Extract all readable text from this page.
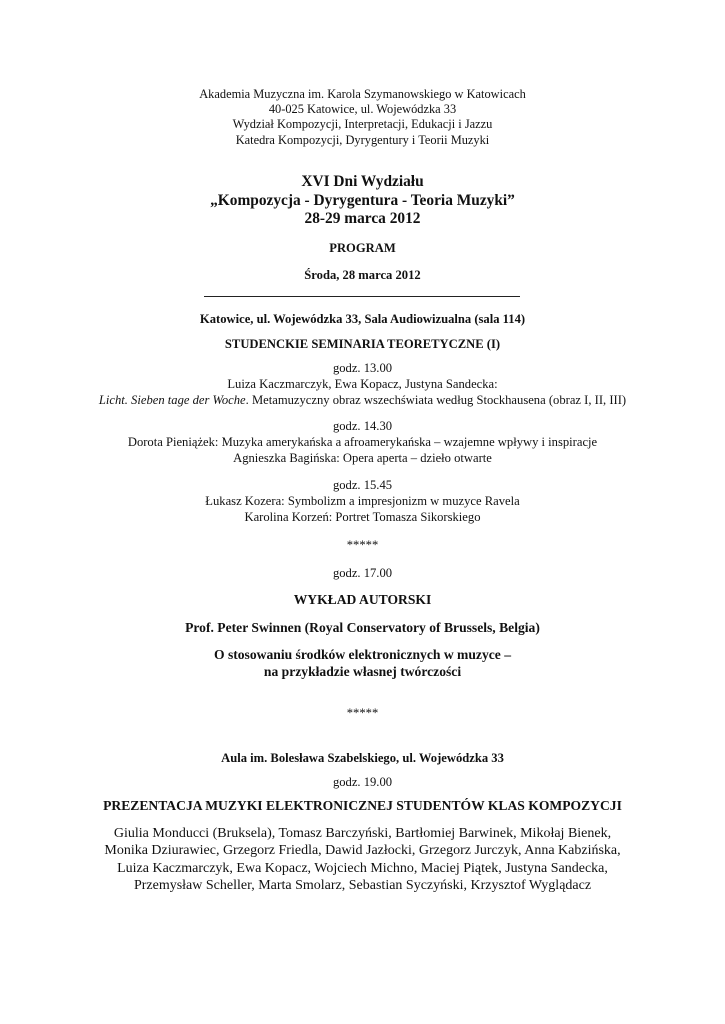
Akademia Muzyczna im. Karola Szymanowskiego w Katowicach
40-025 Katowice, ul. Wojewódzka 33
Wydział Kompozycji, Interpretacji, Edukacji i Jazzu
Katedra Kompozycji, Dyrygentury i Teorii Muzyki
XVI Dni Wydziału
„Kompozycja - Dyrygentura - Teoria Muzyki”
28-29 marca 2012
PROGRAM
Środa, 28 marca 2012
Katowice, ul. Wojewódzka 33, Sala Audiowizualna (sala 114)
STUDENCKIE SEMINARIA TEORETYCZNE (I)
godz. 13.00
Luiza Kaczmarczyk, Ewa Kopacz, Justyna Sandecka:
Licht. Sieben tage der Woche. Metamuzyczny obraz wszechświata według Stockhausena (obraz I, II, III)
godz. 14.30
Dorota Pieniążek: Muzyka amerykańska a afroamerykańska – wzajemne wpływy i inspiracje
Agnieszka Bagińska: Opera aperta – dzieło otwarte
godz. 15.45
Łukasz Kozera: Symbolizm a impresjonizm w muzyce Ravela
Karolina Korzeń: Portret Tomasza Sikorskiego
*****
godz. 17.00
WYKŁAD AUTORSKI
Prof. Peter Swinnen (Royal Conservatory of Brussels, Belgia)
O stosowaniu środków elektronicznych w muzyce –
na przykładzie własnej twórczości
*****
Aula im. Bolesława Szabelskiego, ul. Wojewódzka 33
godz. 19.00
PREZENTACJA MUZYKI ELEKTRONICZNEJ STUDENTÓW KLAS KOMPOZYCJI
Giulia Monducci (Bruksela), Tomasz Barczyński, Bartłomiej Barwinek, Mikołaj Bienek,
Monika Dziurawiec, Grzegorz Friedla, Dawid Jazłocki, Grzegorz Jurczyk, Anna Kabzińska,
Luiza Kaczmarczyk, Ewa Kopacz, Wojciech Michno, Maciej Piątek, Justyna Sandecka,
Przemysław Scheller, Marta Smolarz, Sebastian Syczyński, Krzysztof Wyglądacz
